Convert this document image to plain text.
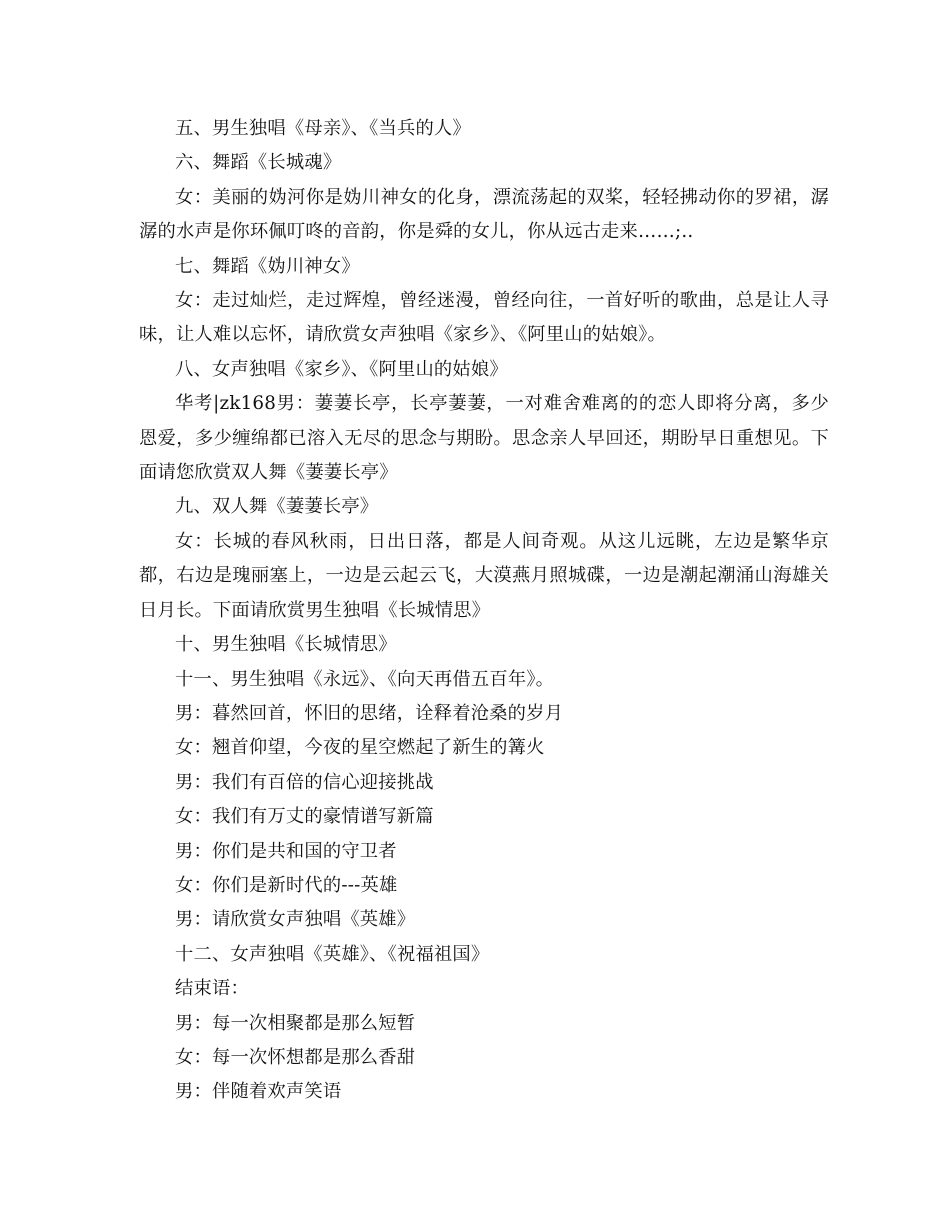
五、男生独唱《母亲》、《当兵的人》

六、舞蹈《长城魂》

女：美丽的妫河你是妫川神女的化身，漂流荡起的双桨，轻轻拂动你的罗裙，潺潺的水声是你环佩叮咚的音韵，你是舜的女儿，你从远古走来……;..

七、舞蹈《妫川神女》

女：走过灿烂，走过辉煌，曾经迷漫，曾经向往，一首好听的歌曲，总是让人寻味，让人难以忘怀，请欣赏女声独唱《家乡》、《阿里山的姑娘》。

八、女声独唱《家乡》、《阿里山的姑娘》

华考|zk168男：萋萋长亭，长亭萋萋，一对难舍难离的的恋人即将分离，多少恩爱，多少缠绵都已溶入无尽的思念与期盼。思念亲人早回还，期盼早日重想见。下面请您欣赏双人舞《萋萋长亭》

九、双人舞《萋萋长亭》

女：长城的春风秋雨，日出日落，都是人间奇观。从这儿远眺，左边是繁华京都，右边是瑰丽塞上，一边是云起云飞，大漠燕月照城碟，一边是潮起潮涌山海雄关日月长。下面请欣赏男生独唱《长城情思》

十、男生独唱《长城情思》

十一、男生独唱《永远》、《向天再借五百年》。

男：暮然回首，怀旧的思绪，诠释着沧桑的岁月

女：翘首仰望，今夜的星空燃起了新生的篝火

男：我们有百倍的信心迎接挑战

女：我们有万丈的豪情谱写新篇

男：你们是共和国的守卫者

女：你们是新时代的---英雄

男：请欣赏女声独唱《英雄》

十二、女声独唱《英雄》、《祝福祖国》

结束语：

男：每一次相聚都是那么短暂

女：每一次怀想都是那么香甜

男：伴随着欢声笑语
